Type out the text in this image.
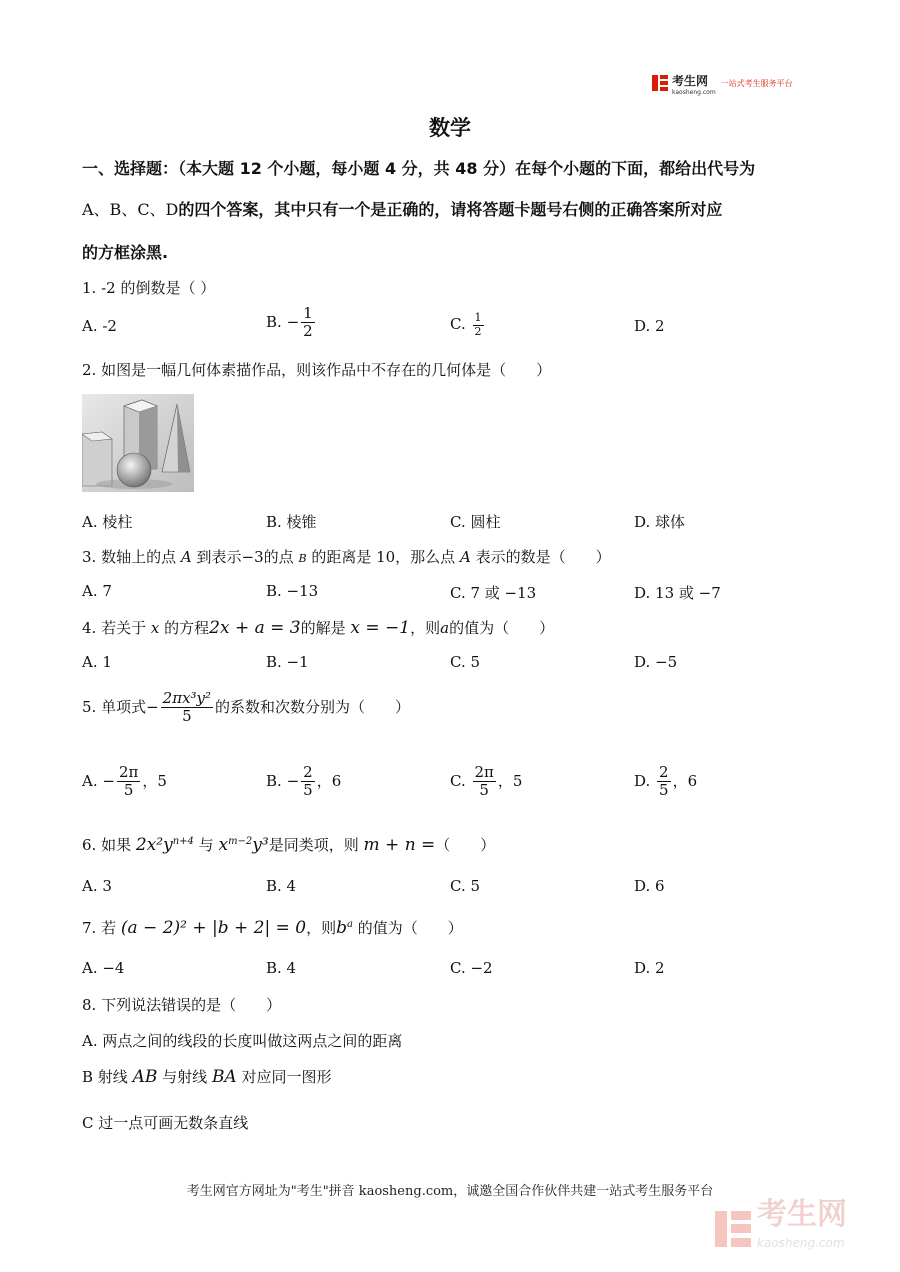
考生网
kaosheng.com
一站式考生服务平台
数学
一、选择题：（本大题 12 个小题，每小题 4 分，共 48 分）在每个小题的下面，都给出代号为
A、B、C、D的四个答案，其中只有一个是正确的，请将答题卡题号右侧的正确答案所对应
的方框涂黑.
1. -2 的倒数是（ ）
A. -2	B. − $\frac{1}{2}$	C. $\frac{1}{2}$	D. 2
2. 如图是一幅几何体素描作品，则该作品中不存在的几何体是（　　）
A. 棱柱	B. 棱锥	C. 圆柱	D. 球体
3. 数轴上的点 A 到表示−3的点 B 的距离是 10，那么点 A 表示的数是（　　）
A. 7	B. −13	C. 7 或 −13	D. 13 或 −7
4. 若关于 x 的方程2x + a = 3的解是 x = −1，则a的值为（　　）
A. 1	B. −1	C. 5	D. −5
5. 单项式− $\frac{\text{2πx³y²}}{5}$ 的系数和次数分别为（　　）
A. − $\frac{2\pi}{5}$ ，5	B. − $\frac{2}{5}$ ，6	C. $\frac{2\pi}{5}$ ，5	D. $\frac{2}{5}$ ，6
6. 如果 $2x^2y^{n+4}$ 与 $x^{m-2}y^3$是同类项，则 m + n =（　　）
A. 3	B. 4	C. 5	D. 6
7. 若 (a − 2)² + |b + 2| = 0，则$b^a$ 的值为（　　）
A. −4	B. 4	C. −2	D. 2
8. 下列说法错误的是（　　）
A. 两点之间的线段的长度叫做这两点之间的距离
B 射线 AB 与射线 BA 对应同一图形
C 过一点可画无数条直线
考生网官方网址为"考生"拼音 kaosheng.com，诚邀全国合作伙伴共建一站式考生服务平台
考生网
kaosheng.com
